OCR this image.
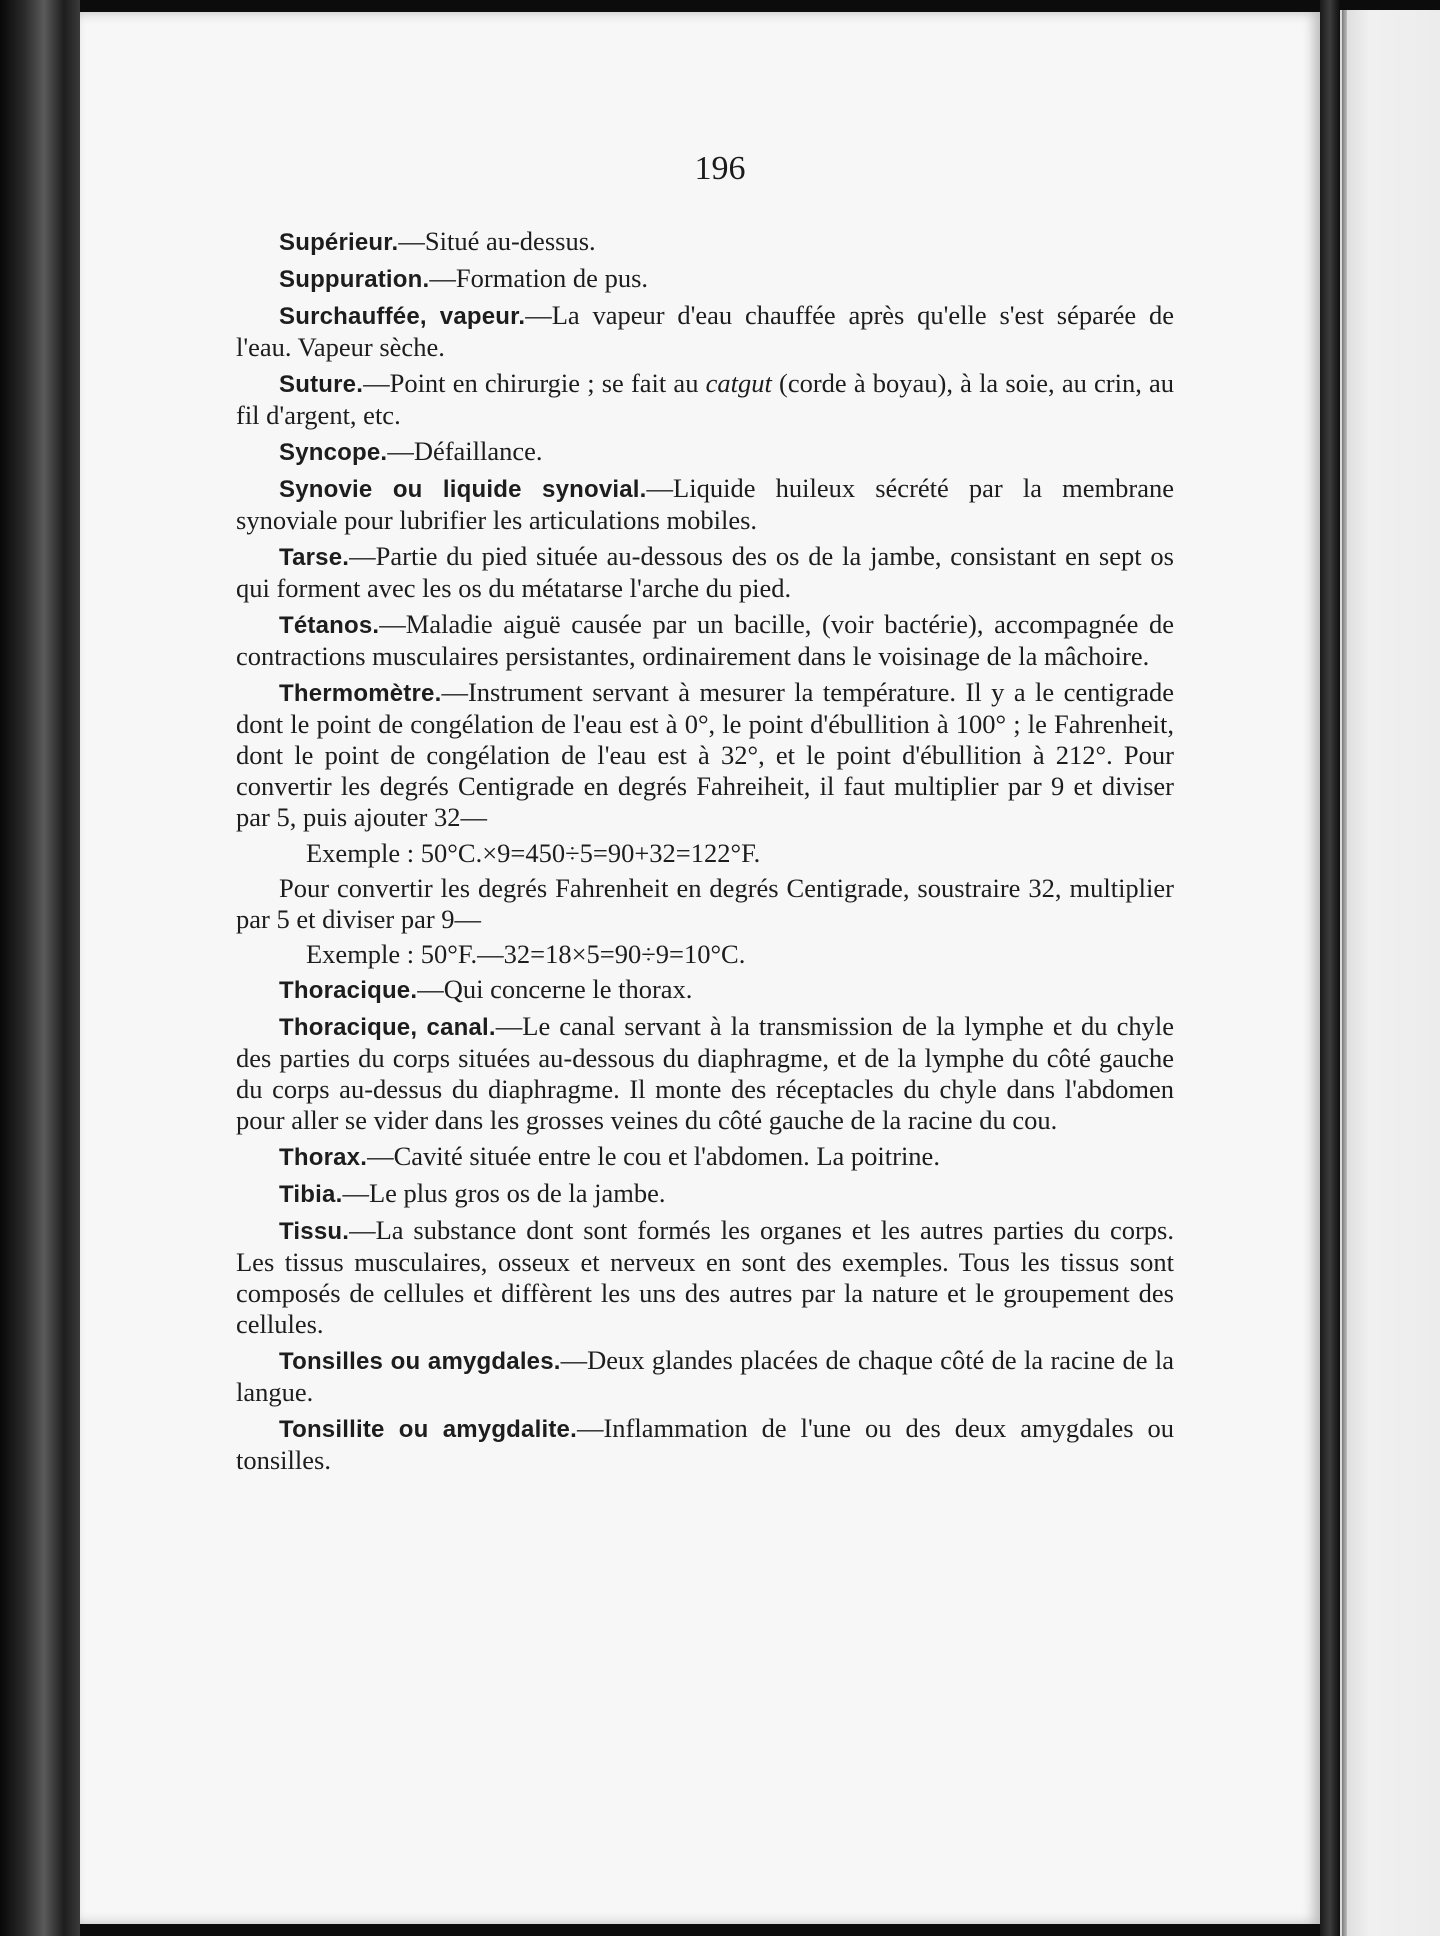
196

Supérieur.—Situé au-dessus.

Suppuration.—Formation de pus.

Surchauffée, vapeur.—La vapeur d'eau chauffée après qu'elle s'est séparée de l'eau. Vapeur sèche.

Suture.—Point en chirurgie ; se fait au catgut (corde à boyau), à la soie, au crin, au fil d'argent, etc.

Syncope.—Défaillance.

Synovie ou liquide synovial.—Liquide huileux sécrété par la membrane synoviale pour lubrifier les articulations mobiles.

Tarse.—Partie du pied située au-dessous des os de la jambe, consistant en sept os qui forment avec les os du métatarse l'arche du pied.

Tétanos.—Maladie aiguë causée par un bacille, (voir bactérie), accompagnée de contractions musculaires persistantes, ordinairement dans le voisinage de la mâchoire.

Thermomètre.—Instrument servant à mesurer la température. Il y a le centigrade dont le point de congélation de l'eau est à 0°, le point d'ébullition à 100° ; le Fahrenheit, dont le point de congélation de l'eau est à 32°, et le point d'ébullition à 212°. Pour convertir les degrés Centigrade en degrés Fahreiheit, il faut multiplier par 9 et diviser par 5, puis ajouter 32—

Exemple : 50°C.×9=450÷5=90+32=122°F.

Pour convertir les degrés Fahrenheit en degrés Centigrade, soustraire 32, multiplier par 5 et diviser par 9—

Exemple : 50°F.—32=18×5=90÷9=10°C.

Thoracique.—Qui concerne le thorax.

Thoracique, canal.—Le canal servant à la transmission de la lymphe et du chyle des parties du corps situées au-dessous du diaphragme, et de la lymphe du côté gauche du corps au-dessus du diaphragme. Il monte des réceptacles du chyle dans l'abdomen pour aller se vider dans les grosses veines du côté gauche de la racine du cou.

Thorax.—Cavité située entre le cou et l'abdomen. La poitrine.

Tibia.—Le plus gros os de la jambe.

Tissu.—La substance dont sont formés les organes et les autres parties du corps. Les tissus musculaires, osseux et nerveux en sont des exemples. Tous les tissus sont composés de cellules et diffèrent les uns des autres par la nature et le groupement des cellules.

Tonsilles ou amygdales.—Deux glandes placées de chaque côté de la racine de la langue.

Tonsillite ou amygdalite.—Inflammation de l'une ou des deux amygdales ou tonsilles.
